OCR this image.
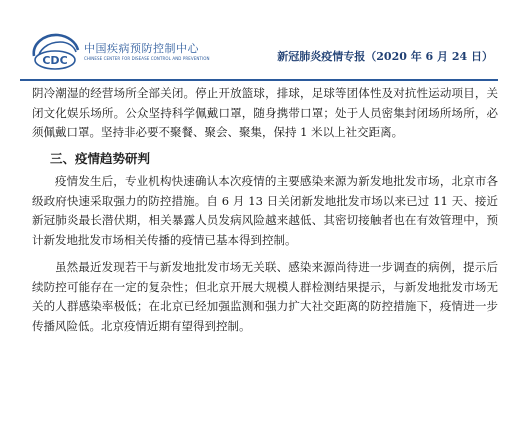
CDC
中国疾病预防控制中心
CHINESE CENTER FOR DISEASE CONTROL AND PREVENTION	新冠肺炎疫情专报（2020 年 6 月 24 日）

阴冷潮湿的经营场所全部关闭。停止开放篮球，排球，足球等团体性及对抗性运动项目，关闭文化娱乐场所。公众坚持科学佩戴口罩，随身携带口罩；处于人员密集封闭场所场所，必须佩戴口罩。坚持非必要不聚餐、聚会、聚集，保持 1 米以上社交距离。

三、疫情趋势研判

疫情发生后，专业机构快速确认本次疫情的主要感染来源为新发地批发市场，北京市各级政府快速采取强力的防控措施。自 6 月 13 日关闭新发地批发市场以来已过 11 天、接近新冠肺炎最长潜伏期，相关暴露人员发病风险越来越低、其密切接触者也在有效管理中，预计新发地批发市场相关传播的疫情已基本得到控制。

虽然最近发现若干与新发地批发市场无关联、感染来源尚待进一步调查的病例，提示后续防控可能存在一定的复杂性；但北京开展大规模人群检测结果提示，与新发地批发市场无关的人群感染率极低；在北京已经加强监测和强力扩大社交距离的防控措施下，疫情进一步传播风险低。北京疫情近期有望得到控制。
